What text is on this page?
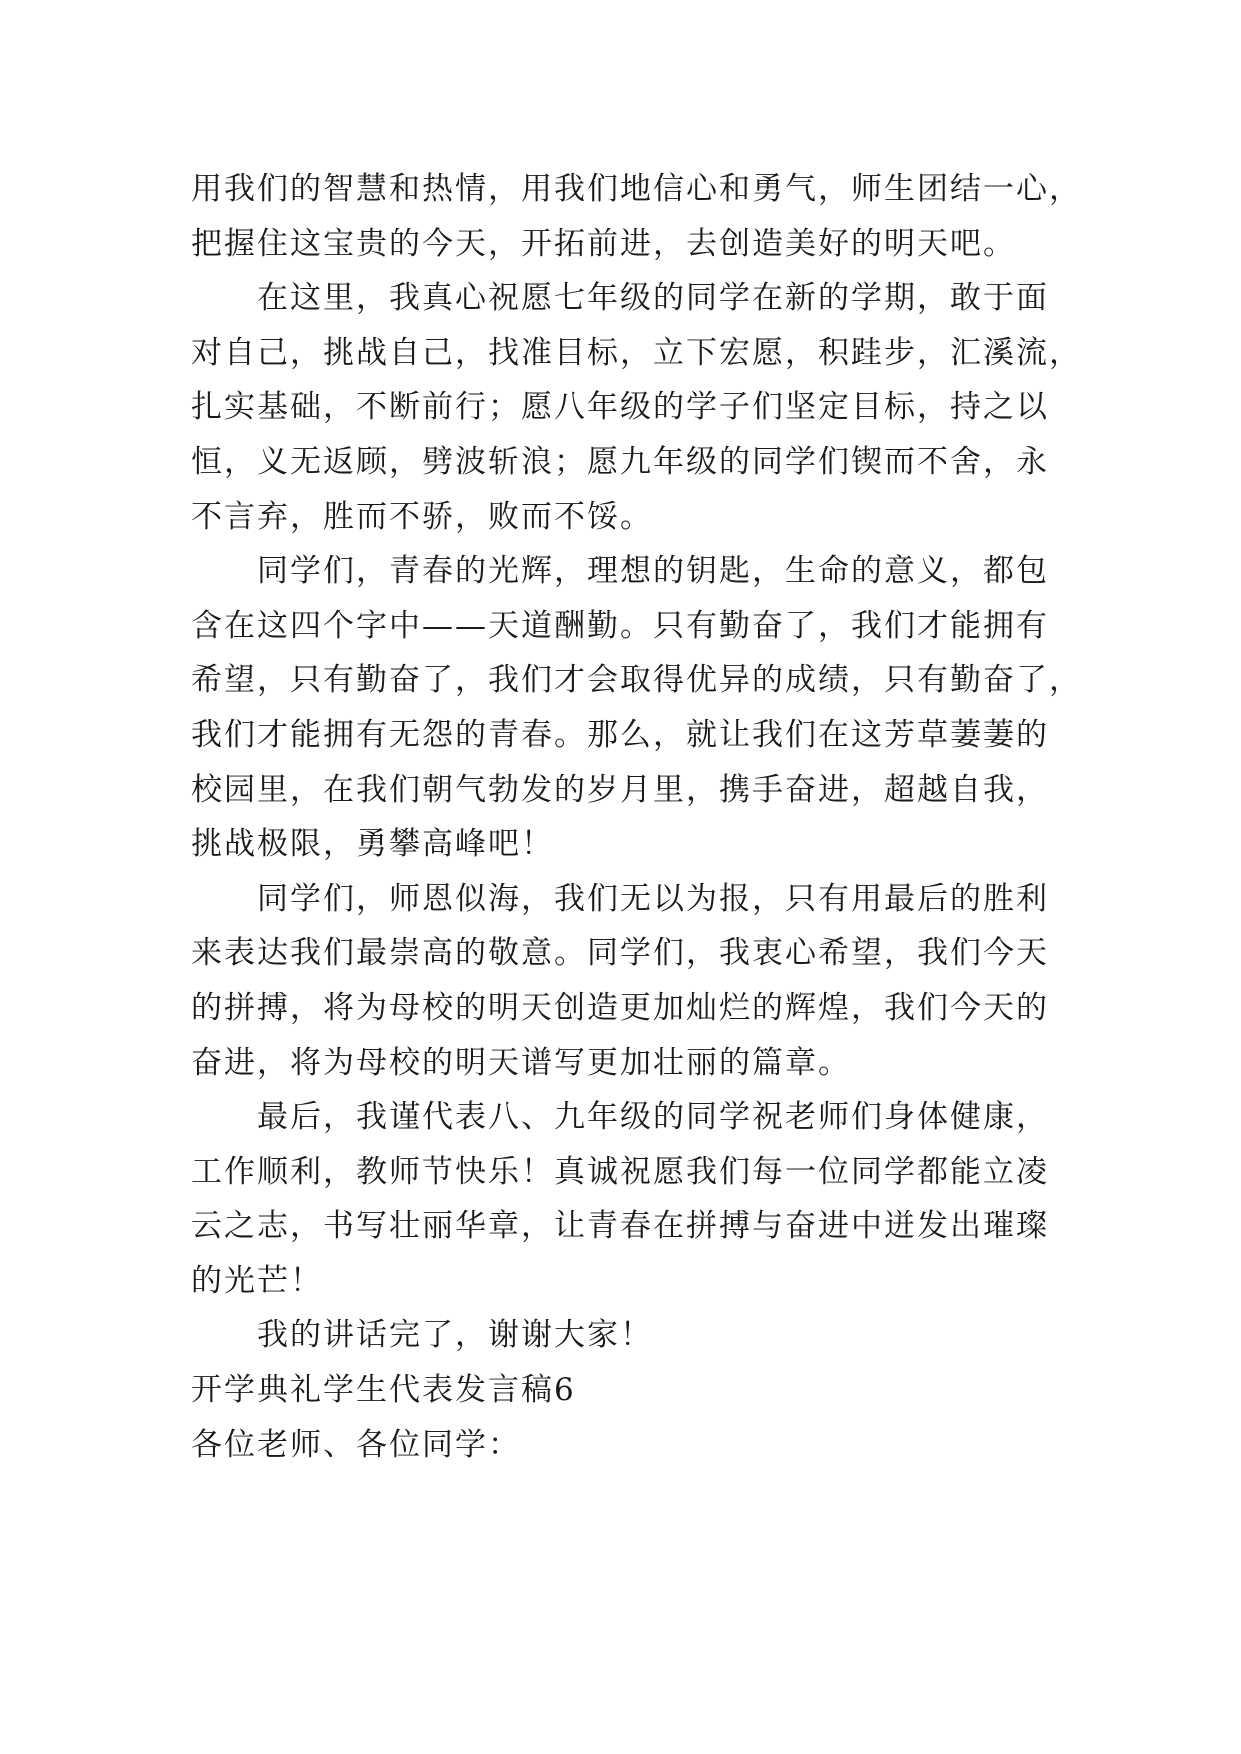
用我们的智慧和热情，用我们地信心和勇气，师生团结一心，
把握住这宝贵的今天，开拓前进，去创造美好的明天吧。

在这里，我真心祝愿七年级的同学在新的学期，敢于面
对自己，挑战自己，找准目标，立下宏愿，积跬步，汇溪流，
扎实基础，不断前行；愿八年级的学子们坚定目标，持之以
恒，义无返顾，劈波斩浪；愿九年级的同学们锲而不舍，永
不言弃，胜而不骄，败而不馁。

同学们，青春的光辉，理想的钥匙，生命的意义，都包
含在这四个字中——天道酬勤。只有勤奋了，我们才能拥有
希望，只有勤奋了，我们才会取得优异的成绩，只有勤奋了，
我们才能拥有无怨的青春。那么，就让我们在这芳草萋萋的
校园里，在我们朝气勃发的岁月里，携手奋进，超越自我，
挑战极限，勇攀高峰吧！

同学们，师恩似海，我们无以为报，只有用最后的胜利
来表达我们最崇高的敬意。同学们，我衷心希望，我们今天
的拼搏，将为母校的明天创造更加灿烂的辉煌，我们今天的
奋进，将为母校的明天谱写更加壮丽的篇章。

最后，我谨代表八、九年级的同学祝老师们身体健康，
工作顺利，教师节快乐！真诚祝愿我们每一位同学都能立凌
云之志，书写壮丽华章，让青春在拼搏与奋进中迸发出璀璨
的光芒！

我的讲话完了，谢谢大家！

开学典礼学生代表发言稿6

各位老师、各位同学：
